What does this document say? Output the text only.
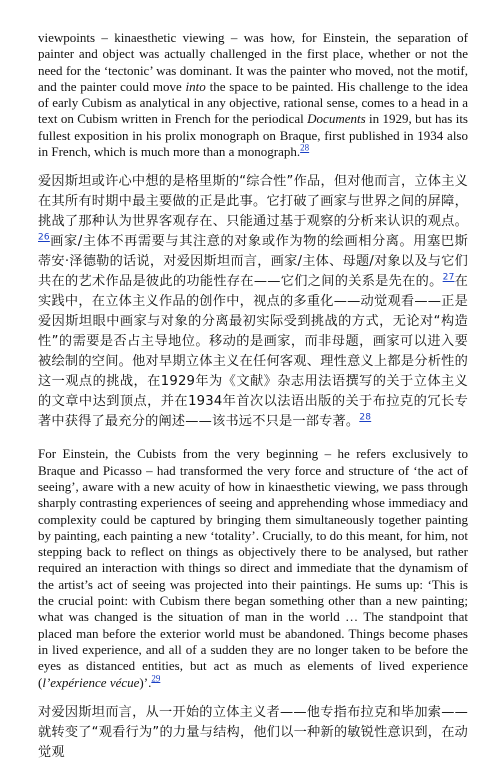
viewpoints – kinaesthetic viewing – was how, for Einstein, the separation of painter and object was actually challenged in the first place, whether or not the need for the ‘tectonic’ was dominant. It was the painter who moved, not the motif, and the painter could move into the space to be painted. His challenge to the idea of early Cubism as analytical in any objective, rational sense, comes to a head in a text on Cubism written in French for the periodical Documents in 1929, but has its fullest exposition in his prolix monograph on Braque, first published in 1934 also in French, which is much more than a monograph.$^{28}$

爱因斯坦或许心中想的是格里斯的“综合性”作品，但对他而言，立体主义在其所有时期中最主要做的正是此事。它打破了画家与世界之间的屏障，挑战了那种认为世界客观存在、只能通过基于观察的分析来认识的观点。$^{26}$画家/主体不再需要与其注意的对象或作为物的绘画相分离。用塞巴斯蒂安·泽德勒的话说，对爱因斯坦而言，画家/主体、母题/对象以及与它们共在的艺术作品是彼此的功能性存在——它们之间的关系是先在的。$^{27}$在实践中，在立体主义作品的创作中，视点的多重化——动觉观看——正是爱因斯坦眼中画家与对象的分离最初实际受到挑战的方式，无论对“构造性”的需要是否占主导地位。移动的是画家，而非母题，画家可以进入要被绘制的空间。他对早期立体主义在任何客观、理性意义上都是分析性的这一观点的挑战，在1929年为《文献》杂志用法语撰写的关于立体主义的文章中达到顶点，并在1934年首次以法语出版的关于布拉克的冗长专著中获得了最充分的阐述——该书远不只是一部专著。$^{28}$

For Einstein, the Cubists from the very beginning – he refers exclusively to Braque and Picasso – had transformed the very force and structure of ‘the act of seeing’, aware with a new acuity of how in kinaesthetic viewing, we pass through sharply contrasting experiences of seeing and apprehending whose immediacy and complexity could be captured by bringing them simultaneously together painting by painting, each painting a new ‘totality’. Crucially, to do this meant, for him, not stepping back to reflect on things as objectively there to be analysed, but rather required an interaction with things so direct and immediate that the dynamism of the artist’s act of seeing was projected into their paintings. He sums up: ‘This is the crucial point: with Cubism there began something other than a new painting; what was changed is the situation of man in the world … The standpoint that placed man before the exterior world must be abandoned. Things become phases in lived experience, and all of a sudden they are no longer taken to be before the eyes as distanced entities, but act as much as elements of lived experience (l’expérience vécue)’.$^{29}$

对爱因斯坦而言，从一开始的立体主义者——他专指布拉克和毕加索——就转变了“观看行为”的力量与结构，他们以一种新的敏锐性意识到，在动觉观
